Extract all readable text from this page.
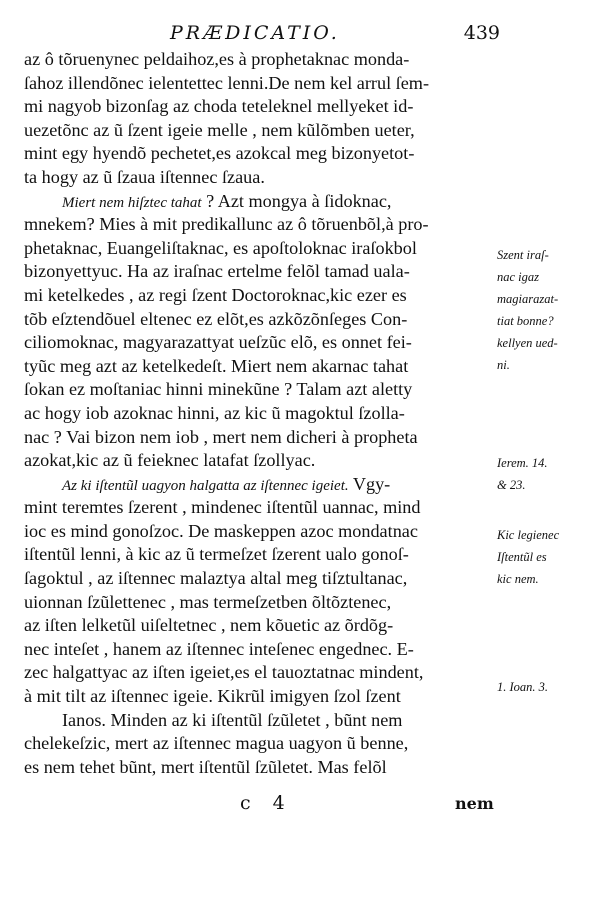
PRÆDICATIO.	439
az ô tõruenynec peldaihoz,es à prophetaknac monda-
ſahoz illendõnec ielentettec lenni.De nem kel arrul ſem-
mi nagyob bizonſag az choda teteleknel mellyeket id-
uezetõnc az ũ ſzent igeie melle , nem kũlõmben ueter,
mint egy hyendõ pechetet,es azokcal meg bizonyetot-
ta hogy az ũ ſzaua iſtennec ſzaua.
Miert nem hiſztec tahat ? Azt mongya à ſidoknac,
mnekem? Mies à mit predikallunc az ô tõruenbõl,à pro-
phetaknac, Euangeliſtaknac, es apoſtoloknac iraſokbol
bizonyettyuc. Ha az iraſnac ertelme felõl tamad uala-
mi ketelkedes , az regi ſzent Doctoroknac,kic ezer es
tõb eſztendõuel eltenec ez elõt,es azkõzõnſeges Con-
ciliomoknac, magyarazattyat ueſzũc elõ, es onnet fei-
tyũc meg azt az ketelkedeſt. Miert nem akarnac tahat
ſokan ez moſtaniac hinni minekũne ? Talam azt aletty
ac hogy iob azoknac hinni, az kic ũ magoktul ſzolla-
nac ? Vai bizon nem iob , mert nem dicheri à propheta
azokat,kic az ũ feieknec latafat ſzollyac.
Az ki iſtentũl uagyon halgatta az iſtennec igeiet. Vgy-
mint teremtes ſzerent , mindenec iſtentũl uannac, mind
ioc es mind gonoſzoc. De maskeppen azoc mondatnac
iſtentũl lenni, à kic az ũ termeſzet ſzerent ualo gonoſ-
ſagoktul , az iſtennec malaztya altal meg tiſztultanac,
uionnan ſzũlettenec , mas termeſzetben õltõztenec,
az iſten lelketũl uiſeltetnec , nem kõuetic az õrdõg-
nec inteſet , hanem az iſtennec inteſenec engednec. E-
zec halgattyac az iſten igeiet,es el tauoztatnac mindent,
à mit tilt az iſtennec igeie. Kikrũl imigyen ſzol ſzent
Ianos. Minden az ki iſtentũl ſzũletet , bũnt nem
chelekeſzic, mert az iſtennec magua uagyon ũ benne,
es nem tehet bũnt, mert iſtentũl ſzũletet. Mas felõl
Szent iraſ-
nac igaz
magiarazat-
tiat bonne?
kellyen ued-
ni.
Ierem. 14.
& 23.
Kic legienec
Iſtentũl es
kic nem.
1. Ioan. 3.
c 4	nem
